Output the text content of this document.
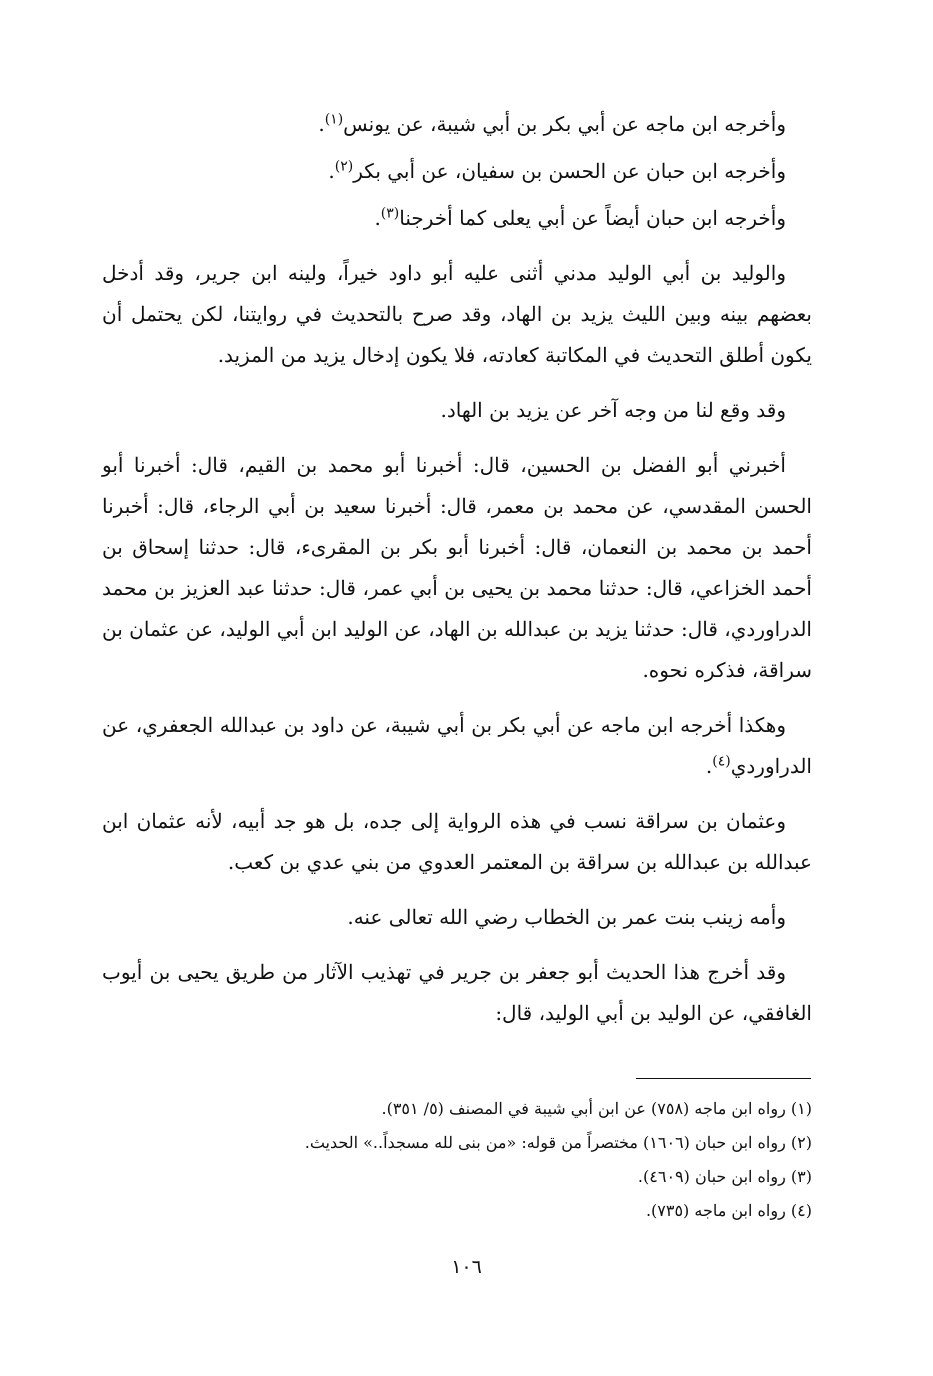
وأخرجه ابن ماجه عن أبي بكر بن أبي شيبة، عن يونس$^{(١)}$.

وأخرجه ابن حبان عن الحسن بن سفيان، عن أبي بكر$^{(٢)}$.

وأخرجه ابن حبان أيضاً عن أبي يعلى كما أخرجنا$^{(٣)}$.

والوليد بن أبي الوليد مدني أثنى عليه أبو داود خيراً، ولينه ابن جرير، وقد أدخل بعضهم بينه وبين الليث يزيد بن الهاد، وقد صرح بالتحديث في روايتنا، لكن يحتمل أن يكون أطلق التحديث في المكاتبة كعادته، فلا يكون إدخال يزيد من المزيد.

وقد وقع لنا من وجه آخر عن يزيد بن الهاد.

أخبرني أبو الفضل بن الحسين، قال: أخبرنا أبو محمد بن القيم، قال: أخبرنا أبو الحسن المقدسي، عن محمد بن معمر، قال: أخبرنا سعيد بن أبي الرجاء، قال: أخبرنا أحمد بن محمد بن النعمان، قال: أخبرنا أبو بكر بن المقرىء، قال: حدثنا إسحاق بن أحمد الخزاعي، قال: حدثنا محمد بن يحيى بن أبي عمر، قال: حدثنا عبد العزيز بن محمد الدراوردي، قال: حدثنا يزيد بن عبدالله بن الهاد، عن الوليد ابن أبي الوليد، عن عثمان بن سراقة، فذكره نحوه.

وهكذا أخرجه ابن ماجه عن أبي بكر بن أبي شيبة، عن داود بن عبدالله الجعفري، عن الدراوردي$^{(٤)}$.

وعثمان بن سراقة نسب في هذه الرواية إلى جده، بل هو جد أبيه، لأنه عثمان ابن عبدالله بن عبدالله بن سراقة بن المعتمر العدوي من بني عدي بن كعب.

وأمه زينب بنت عمر بن الخطاب رضي الله تعالى عنه.

وقد أخرج هذا الحديث أبو جعفر بن جرير في تهذيب الآثار من طريق يحيى بن أيوب الغافقي، عن الوليد بن أبي الوليد، قال:

(١) رواه ابن ماجه (٧٥٨) عن ابن أبي شيبة في المصنف (٥/ ٣٥١).
(٢) رواه ابن حبان (١٦٠٦) مختصراً من قوله: «من بنى لله مسجداً..» الحديث.
(٣) رواه ابن حبان (٤٦٠٩).
(٤) رواه ابن ماجه (٧٣٥).
١٠٦
